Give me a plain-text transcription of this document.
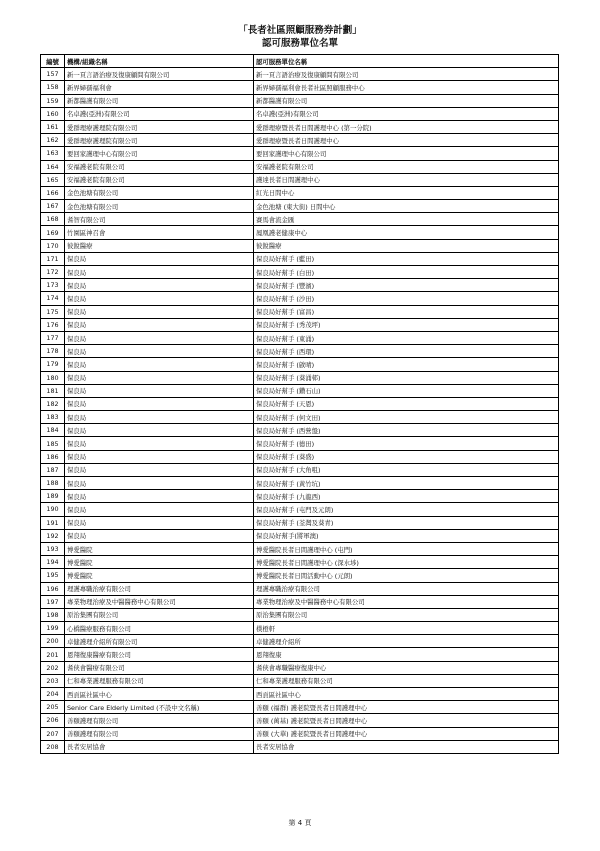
「長者社區照顧服務券計劃」
認可服務單位名單
編號	機構/組織名稱	認可服務單位名稱
157	新一頁言語治療及復康顧問有限公司	新一頁言語治療及復康顧問有限公司
158	新界婦孺福利會	新界婦孺福利會長者社區照顧服務中心
159	新都醫護有限公司	新都醫護有限公司
160	名卓護(亞洲)有限公司	名卓護(亞洲)有限公司
161	愛群理療護理院有限公司	愛群理療暨長者日間護理中心 (第一分院)
162	愛群理療護理院有限公司	愛群理療暨長者日間護理中心
163	要回家護理中心有限公司	要回家護理中心有限公司
164	安福護老院有限公司	安福護老院有限公司
165	安福護老院有限公司	護達長者日間護理中心
166	金色池塘有限公司	紅光日間中心
167	金色池塘有限公司	金色池塘 (東大街) 日間中心
168	耆智有限公司	賽馬會流金匯
169	竹園區神召會	鳳凰護老健康中心
170	彼銳醫療	彼銳醫療
171	保良局	保良局好幫手 (藍田)
172	保良局	保良局好幫手 (白田)
173	保良局	保良局好幫手 (豐濱)
174	保良局	保良局好幫手 (沙田)
175	保良局	保良局好幫手 (富昌)
176	保良局	保良局好幫手 (秀茂坪)
177	保良局	保良局好幫手 (東涌)
178	保良局	保良局好幫手 (西環)
179	保良局	保良局好幫手 (啟晴)
180	保良局	保良局好幫手 (葵涌邨)
181	保良局	保良局好幫手 (鑽石山)
182	保良局	保良局好幫手 (天恩)
183	保良局	保良局好幫手 (何文田)
184	保良局	保良局好幫手 (西營盤)
185	保良局	保良局好幫手 (德田)
186	保良局	保良局好幫手 (葵盛)
187	保良局	保良局好幫手 (大角咀)
188	保良局	保良局好幫手 (黃竹坑)
189	保良局	保良局好幫手 (九龍西)
190	保良局	保良局好幫手 (屯門及元朗)
191	保良局	保良局好幫手 (荃灣及葵青)
192	保良局	保良局好幫手(將軍澳)
193	博愛醫院	博愛醫院長者日間護理中心 (屯門)
194	博愛醫院	博愛醫院長者日間護理中心 (深水埗)
195	博愛醫院	博愛醫院長者日間活動中心 (元朗)
196	理護專職治療有限公司	理護專職治療有限公司
197	專業物理治療及中醫醫務中心有限公司	專業物理治療及中醫醫務中心有限公司
198	原治集團有限公司	原治集團有限公司
199	心橋醫療服務有限公司	樸橙軒
200	卓健護理介紹所有限公司	卓健護理介紹所
201	恩翔復康醫療有限公司	恩翔復康
202	耆俠會醫療有限公司	耆俠會專職醫療復康中心
203	仁和專業護理服務有限公司	仁和專業護理服務有限公司
204	西貢區社區中心	西貢區社區中心
205	Senior Care Elderly Limited (不設中文名稱)	善頤 (福群) 護老院暨長者日間護理中心
206	善頤護理有限公司	善頤 (萬基) 護老院暨長者日間護理中心
207	善頤護理有限公司	善頤 (大華) 護老院暨長者日間護理中心
208	長者安居協會	長者安居協會
第 4 頁
